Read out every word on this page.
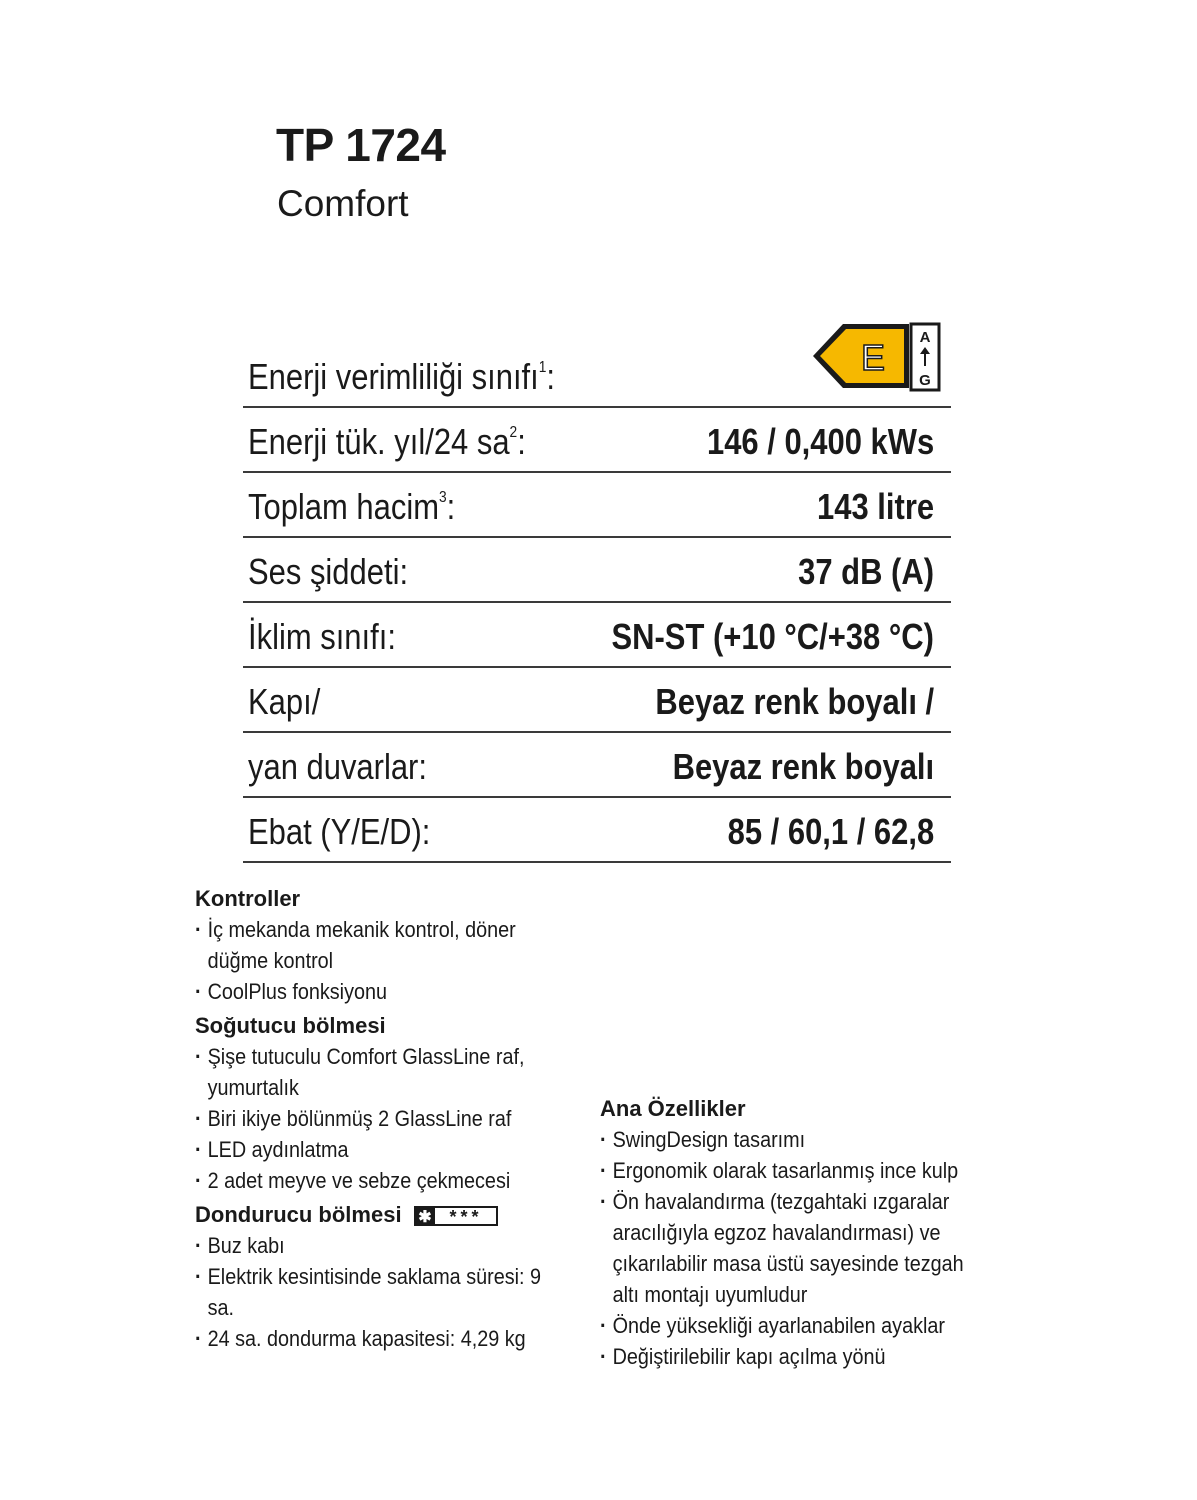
TP 1724
Comfort
Enerji verimliliği sınıfı$^1$:	E A
G
Enerji tük. yıl/24 $sa^2$:	146 / 0,400 kWs
Toplam hacim$^3$:	143 litre
Ses şiddeti:	37 dB (A)
İklim sınıfı:	SN-ST (+10 °C/+38 °C)
Kapı/	Beyaz renk boyalı /
yan duvarlar:	Beyaz renk boyalı
Ebat (Y/E/D):	85 / 60,1 / 62,8
Kontroller
· İç mekanda mekanik kontrol, döner
düğme kontrol
· CoolPlus fonksiyonu
Soğutucu bölmesi
· Şişe tutuculu Comfort GlassLine raf,
yumurtalık
· Biri ikiye bölünmüş 2 GlassLine raf
· LED aydınlatma
· 2 adet meyve ve sebze çekmecesi
Dondurucu bölmesi ✱ ***
· Buz kabı
· Elektrik kesintisinde saklama süresi: 9
sa.
· 24 sa. dondurma kapasitesi: 4,29 kg
Ana Özellikler
· SwingDesign tasarımı
· Ergonomik olarak tasarlanmış ince kulp
· Ön havalandırma (tezgahtaki ızgaralar
aracılığıyla egzoz havalandırması) ve
çıkarılabilir masa üstü sayesinde tezgah
altı montajı uyumludur
· Önde yüksekliği ayarlanabilen ayaklar
· Değiştirilebilir kapı açılma yönü
